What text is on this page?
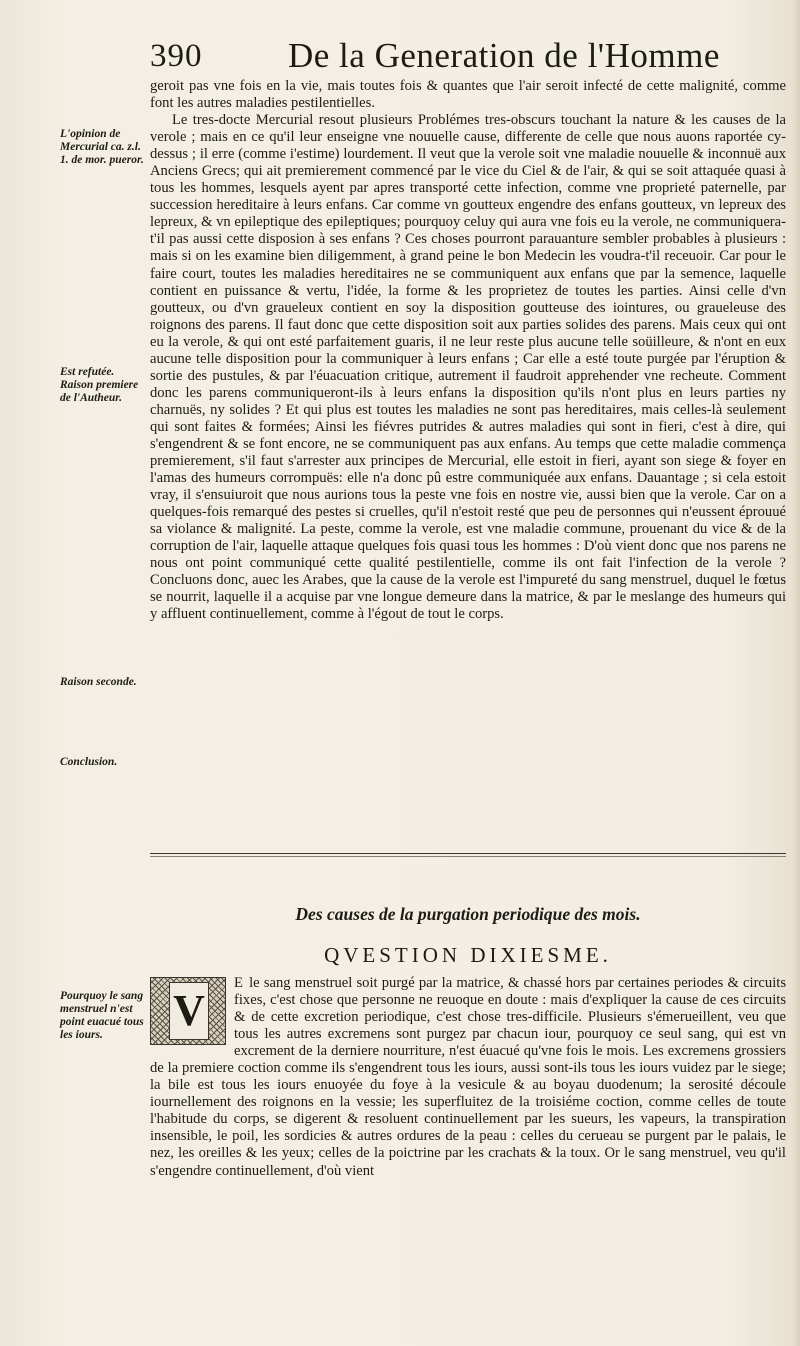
390 De la Generation de l'Homme
L'opinion de Mercurial ca. z.l. 1. de mor. pueror.
Est refutée. Raison premiere de l'Autheur.
Raison seconde.
Conclusion.
Pourquoy le sang menstruel n'est point euacué tous les iours.

geroit pas vne fois en la vie, mais toutes fois & quantes que l'air seroit infecté de cette malignité, comme font les autres maladies pestilentielles.

Le tres-docte Mercurial resout plusieurs Problémes tres-obscurs touchant la nature & les causes de la verole ; mais en ce qu'il leur enseigne vne nouuelle cause, differente de celle que nous auons raportée cy-dessus ; il erre (comme i'estime) lourdement. Il veut que la verole soit vne maladie nouuelle & inconnuë aux Anciens Grecs; qui ait premierement commencé par le vice du Ciel & de l'air, & qui se soit attaquée quasi à tous les hommes, lesquels ayent par apres transporté cette infection, comme vne proprieté paternelle, par succession hereditaire à leurs enfans. Car comme vn goutteux engendre des enfans goutteux, vn lepreux des lepreux, & vn epileptique des epileptiques; pourquoy celuy qui aura vne fois eu la verole, ne communiquera-t'il pas aussi cette disposion à ses enfans ? Ces choses pourront parauanture sembler probables à plusieurs : mais si on les examine bien diligemment, à grand peine le bon Medecin les voudra-t'il receuoir. Car pour le faire court, toutes les maladies hereditaires ne se communiquent aux enfans que par la semence, laquelle contient en puissance & vertu, l'idée, la forme & les proprietez de toutes les parties. Ainsi celle d'vn goutteux, ou d'vn graueleux contient en soy la disposition goutteuse des iointures, ou graueleuse des roignons des parens. Il faut donc que cette disposition soit aux parties solides des parens. Mais ceux qui ont eu la verole, & qui ont esté parfaitement guaris, il ne leur reste plus aucune telle soüilleure, & n'ont en eux aucune telle disposition pour la communiquer à leurs enfans ; Car elle a esté toute purgée par l'éruption & sortie des pustules, & par l'éuacuation critique, autrement il faudroit apprehender vne recheute. Comment donc les parens communiqueront-ils à leurs enfans la disposition qu'ils n'ont plus en leurs parties ny charnuës, ny solides ? Et qui plus est toutes les maladies ne sont pas hereditaires, mais celles-là seulement qui sont faites & formées; Ainsi les fiévres putrides & autres maladies qui sont in fieri, c'est à dire, qui s'engendrent & se font encore, ne se communiquent pas aux enfans. Au temps que cette maladie commença premierement, s'il faut s'arrester aux principes de Mercurial, elle estoit in fieri, ayant son siege & foyer en l'amas des humeurs corrompuës: elle n'a donc pû estre communiquée aux enfans. Dauantage ; si cela estoit vray, il s'ensuiuroit que nous aurions tous la peste vne fois en nostre vie, aussi bien que la verole. Car on a quelques-fois remarqué des pestes si cruelles, qu'il n'estoit resté que peu de personnes qui n'eussent éprouué sa violance & malignité. La peste, comme la verole, est vne maladie commune, prouenant du vice & de la corruption de l'air, laquelle attaque quelques fois quasi tous les hommes : D'où vient donc que nos parens ne nous ont point communiqué cette qualité pestilentielle, comme ils ont fait l'infection de la verole ? Concluons donc, auec les Arabes, que la cause de la verole est l'impureté du sang menstruel, duquel le fœtus se nourrit, laquelle il a acquise par vne longue demeure dans la matrice, & par le meslange des humeurs qui y affluent continuellement, comme à l'égout de tout le corps.

Des causes de la purgation periodique des mois.
QVESTION DIXIESME.
V
E le sang menstruel soit purgé par la matrice, & chassé hors par certaines periodes & circuits fixes, c'est chose que personne ne reuoque en doute : mais d'expliquer la cause de ces circuits & de cette excretion periodique, c'est chose tres-difficile. Plusieurs s'émerueillent, veu que tous les autres excremens sont purgez par chacun iour, pourquoy ce seul sang, qui est vn excrement de la derniere nourriture, n'est éuacué qu'vne fois le mois. Les excremens grossiers de la premiere coction comme ils s'engendrent tous les iours, aussi sont-ils tous les iours vuidez par le siege; la bile est tous les iours enuoyée du foye à la vesicule & au boyau duodenum; la serosité découle iournellement des roignons en la vessie; les superfluitez de la troisiéme coction, comme celles de toute l'habitude du corps, se digerent & resoluent continuellement par les sueurs, les vapeurs, la transpiration insensible, le poil, les sordicies & autres ordures de la peau : celles du cerueau se purgent par le palais, le nez, les oreilles & les yeux; celles de la poictrine par les crachats & la toux. Or le sang menstruel, veu qu'il s'engendre continuellement, d'où vient
